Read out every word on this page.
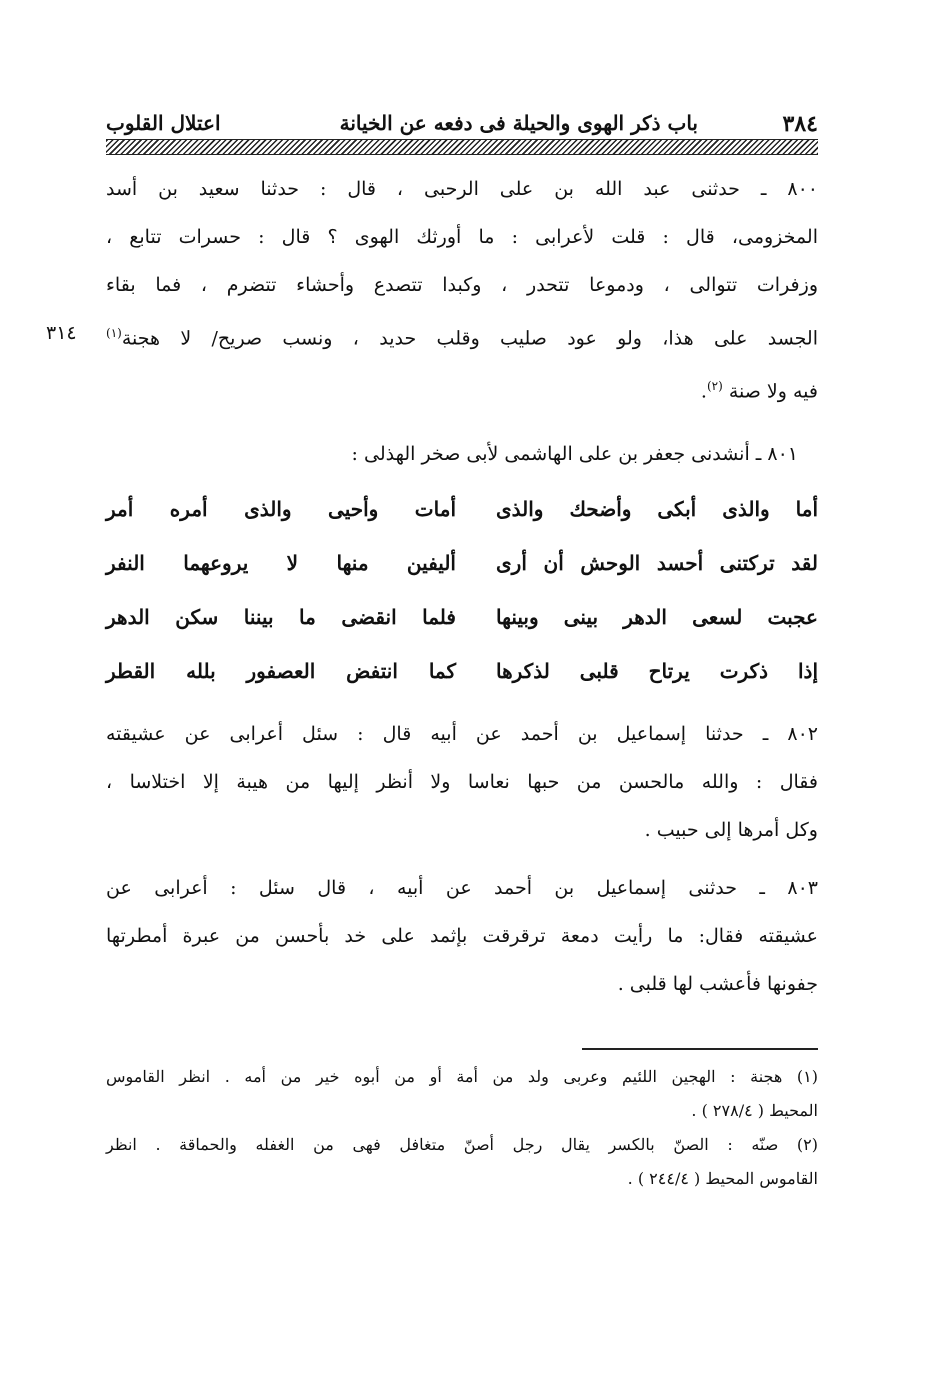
٣٨٤
باب ذكر الهوى والحيلة فى دفعه عن الخيانة
اعتلال القلوب
٨٠٠ ـ حدثنى عبد الله بن على الرحبى ، قال : حدثنا سعيد بن أسد
المخزومى، قال : قلت لأعرابى : ما أورثك الهوى ؟ قال : حسرات تتابع ،
وزفرات تتوالى ، ودموعا تتحدر ، وكبدا تتصدع وأحشاء تتضرم ، فما بقاء
٣١٤ الجسد على هذا، ولو عود صليب وقلب حديد ، ونسب صريح/ لا هجنة$^{(١)}$
فيه ولا صنة $^{(٢)}$.
٨٠١ ـ أنشدنى جعفر بن على الهاشمى لأبى صخر الهذلى :
أما والذى أبكى وأضحك والذى
أمات وأحيى والذى أمره أمر
لقد تركتنى أحسد الوحش أن أرى
أليفين منها لا يروعهما النفر
عجبت لسعى الدهر بينى وبينها
فلما انقضى ما بيننا سكن الدهر
إذا ذكرت يرتاح قلبى لذكرها
كما انتفض العصفور بلله القطر
٨٠٢ ـ حدثنا إسماعيل بن أحمد عن أبيه قال : سئل أعرابى عن عشيقته
فقال : والله مالحسن من حبها نعاسا ولا أنظر إليها من هيبة إلا اختلاسا ،
وكل أمرها إلى حبيب .
٨٠٣ ـ حدثنى إسماعيل بن أحمد عن أبيه ، قال سئل : أعرابى عن
عشيقته فقال: ما رأيت دمعة ترقرقت بإثمد على خد بأحسن من عبرة أمطرتها
جفونها فأعشب لها قلبى .
(١) هجنة : الهجين اللئيم وعربى ولد من أمة أو من أبوه خير من أمه . انظر القاموس
المحيط ( ٢٧٨/٤ ) .
(٢) صنّه : الصنّ بالكسر يقال رجل أصنّ متغافل فهى من الغفله والحماقة . انظر
القاموس المحيط ( ٢٤٤/٤ ) .
